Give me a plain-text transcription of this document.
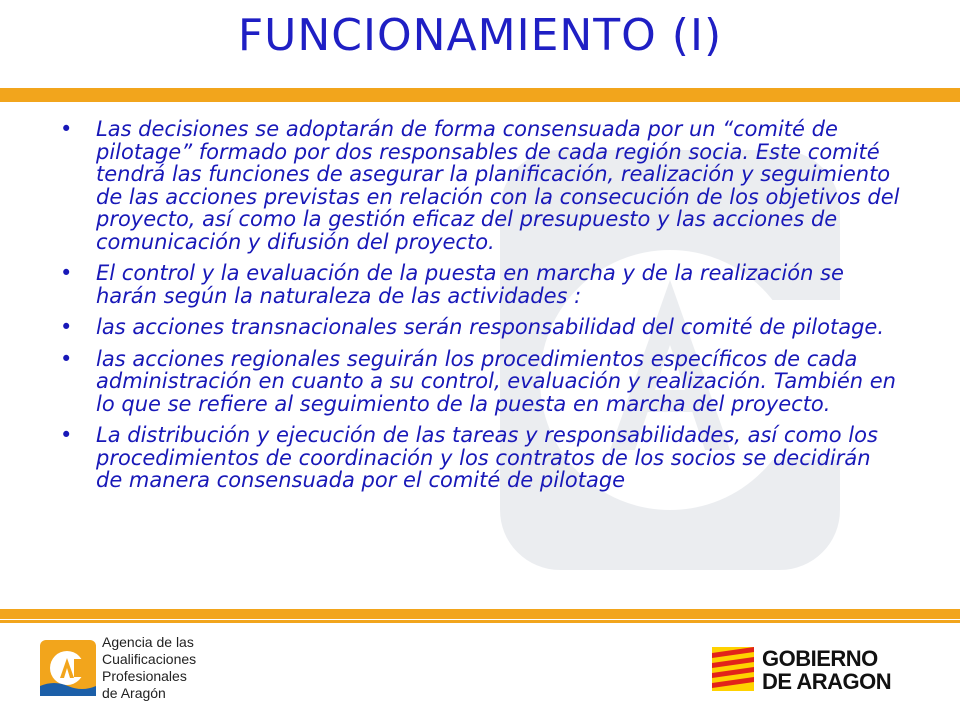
FUNCIONAMIENTO (I)
• Las decisiones se adoptarán de forma consensuada por un “comité de pilotage” formado por dos responsables de cada región socia. Este comité tendrá las funciones de asegurar la planificación, realización y seguimiento de las acciones previstas en relación con la consecución de los objetivos del proyecto, así como la gestión eficaz del presupuesto y las acciones de comunicación y difusión del proyecto.
• El control y la evaluación de la puesta en marcha y de la realización se harán según la naturaleza de las actividades :
• las acciones transnacionales serán responsabilidad del comité de pilotage.
• las acciones regionales seguirán los procedimientos específicos de cada administración en cuanto a su control, evaluación y realización. También en lo que se refiere al seguimiento de la puesta en marcha del proyecto.
• La distribución y ejecución de las tareas y responsabilidades, así como los procedimientos de coordinación y los contratos de los socios se decidirán de manera consensuada por el comité de pilotage
Agencia de las
Cualificaciones
Profesionales
de Aragón
GOBIERNO
DE ARAGON
